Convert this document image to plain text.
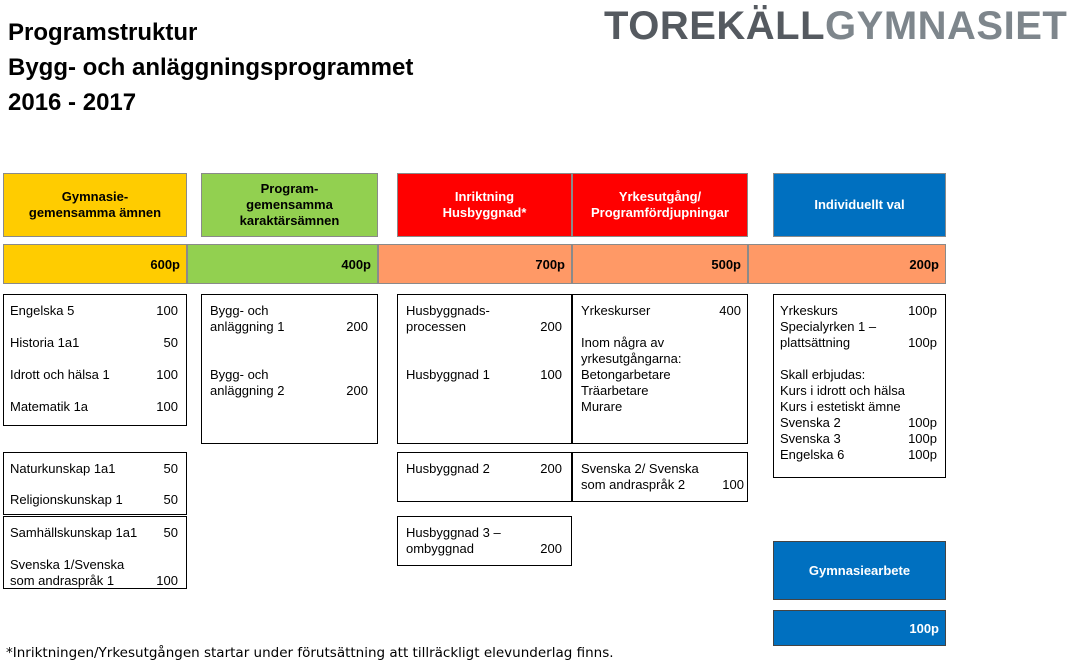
Programstruktur
Bygg- och anläggningsprogrammet
2016 - 2017
TOREKÄLLGYMNASIET
Gymnasie-
gemensamma ämnen
Program-
gemensamma
karaktärsämnen
Inriktning
Husbyggnad*
Yrkesutgång/
Programfördjupningar
Individuellt val
600p	400p	700p	500p	200p
Engelska 5	100
Historia 1a1	50
Idrott och hälsa 1	100
Matematik 1a	100
Naturkunskap 1a1	50
Religionskunskap 1	50
Samhällskunskap 1a1 50
Svenska 1/Svenska
som andraspråk 1	100
Bygg- och
anläggning 1	200
Bygg- och
anläggning 2	200
Husbyggnads-
processen	200
Husbyggnad 1	100
Husbyggnad 2	200
Husbyggnad 3 –
ombyggnad	200
Yrkeskurser	400
Inom några av
yrkesutgångarna:
Betongarbetare
Träarbetare
Murare
Svenska 2/ Svenska
som andraspråk 2	100
Yrkeskurs	100p
Specialyrken 1 –
plattsättning	100p
Skall erbjudas:
Kurs i idrott och hälsa
Kurs i estetiskt ämne
Svenska 2	100p
Svenska 3	100p
Engelska 6	100p
Gymnasiearbete
100p
*Inriktningen/Yrkesutgången startar under förutsättning att tillräckligt elevunderlag finns.
